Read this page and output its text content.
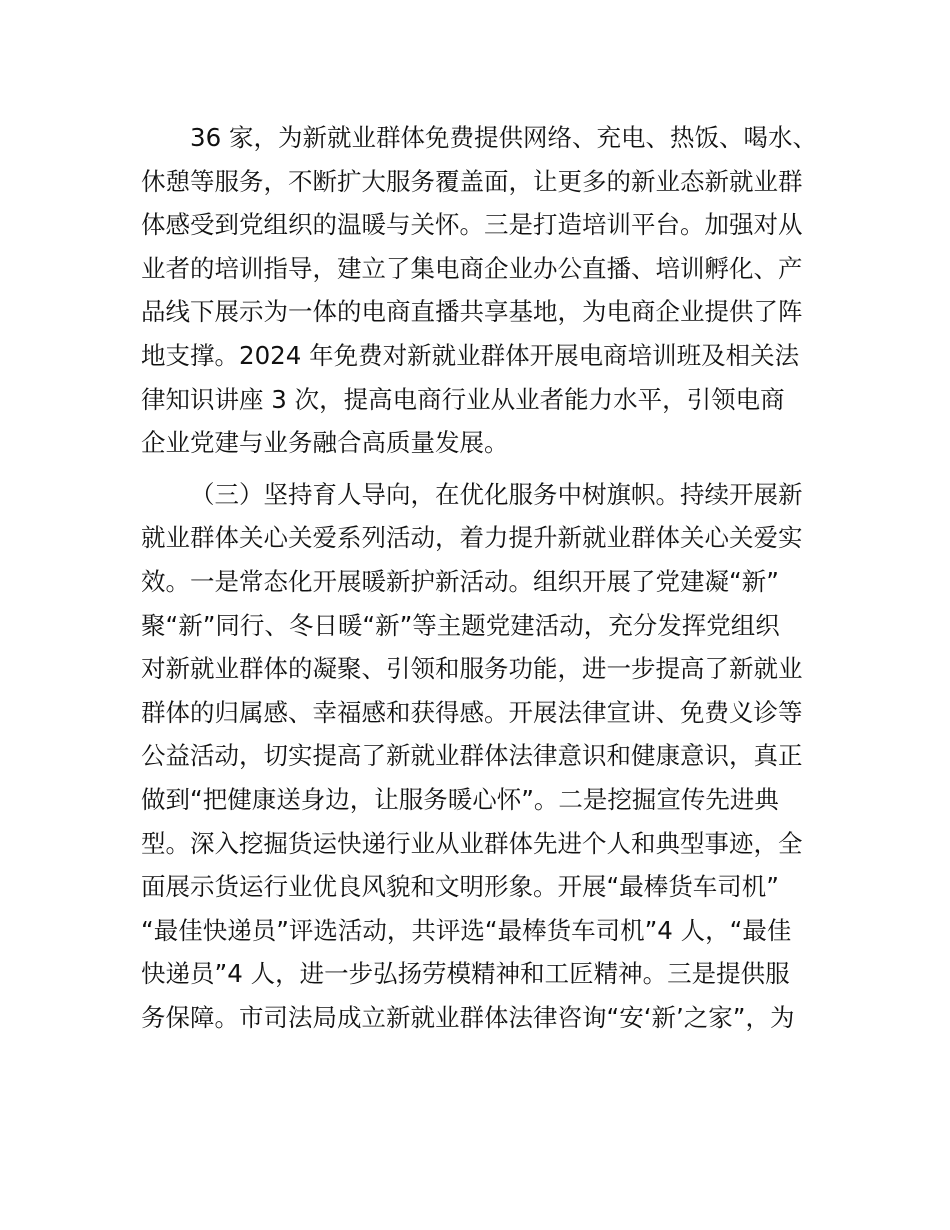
36 家，为新就业群体免费提供网络、充电、热饭、喝水、
休憩等服务，不断扩大服务覆盖面，让更多的新业态新就业群
体感受到党组织的温暖与关怀。三是打造培训平台。加强对从
业者的培训指导，建立了集电商企业办公直播、培训孵化、产
品线下展示为一体的电商直播共享基地，为电商企业提供了阵
地支撑。2024 年免费对新就业群体开展电商培训班及相关法
律知识讲座 3 次，提高电商行业从业者能力水平，引领电商
企业党建与业务融合高质量发展。
（三）坚持育人导向，在优化服务中树旗帜。持续开展新
就业群体关心关爱系列活动，着力提升新就业群体关心关爱实
效。一是常态化开展暖新护新活动。组织开展了党建凝“新”
聚“新”同行、冬日暖“新”等主题党建活动，充分发挥党组织
对新就业群体的凝聚、引领和服务功能，进一步提高了新就业
群体的归属感、幸福感和获得感。开展法律宣讲、免费义诊等
公益活动，切实提高了新就业群体法律意识和健康意识，真正
做到“把健康送身边，让服务暖心怀”。二是挖掘宣传先进典
型。深入挖掘货运快递行业从业群体先进个人和典型事迹，全
面展示货运行业优良风貌和文明形象。开展“最棒货车司机”
“最佳快递员”评选活动，共评选“最棒货车司机”4 人，“最佳
快递员”4 人，进一步弘扬劳模精神和工匠精神。三是提供服
务保障。市司法局成立新就业群体法律咨询“安‘新’之家”，为
